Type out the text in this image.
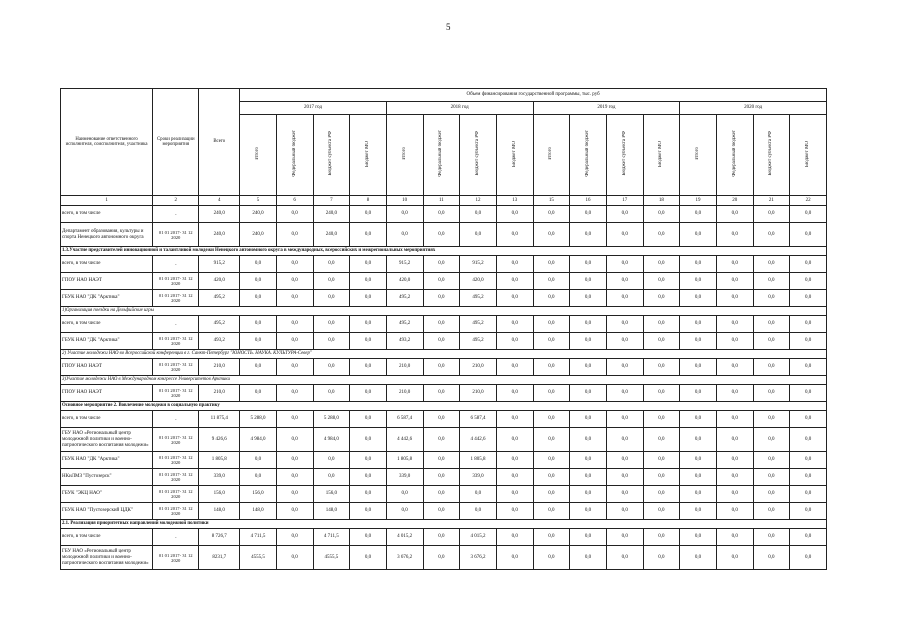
5
Наименование ответственного исполнителя, соисполнителя, участника	Сроки реализации мероприятия	Всего	Объем финансирования государственной программы, тыс. руб															
			2017 год				2018 год				2019 год				2020 год			
			Итого	Федеральный бюджет	Бюджет субъекта РФ	Бюджет МО	Итого	Федеральный бюджет	Бюджет субъекта РФ	Бюджет МО	Итого	Федеральный бюджет	Бюджет субъекта РФ	Бюджет МО	Итого	Федеральный бюджет	Бюджет субъекта РФ	Бюджет МО
1	2	4	5	6	7	8	10	11	12	13	15	16	17	18	19	20	21	22
всего, в том числе	-	240,0	240,0	0,0	240,0	0,0	0,0	0,0	0,0	0,0	0,0	0,0	0,0	0,0	0,0	0,0	0,0	0,0
Департамент образования, культуры и спорта Ненецкого автономного округа	01 01 2017- 31 12 2020	240,0	240,0	0,0	240,0	0,0	0,0	0,0	0,0	0,0	0,0	0,0	0,0	0,0	0,0	0,0	0,0	0,0
1.3.Участие представителей инновационной и талантливой молодежи Ненецкого автономного округа в международных, всероссийских и межрегиональных мероприятиях																		
всего, в том числе	-	915,2	0,0	0,0	0,0	0,0	915,2	0,0	915,2	0,0	0,0	0,0	0,0	0,0	0,0	0,0	0,0	0,0
ГПОУ НАО НАЭТ	01 01 2017- 31 12 2020	420,0	0,0	0,0	0,0	0,0	420,0	0,0	420,0	0,0	0,0	0,0	0,0	0,0	0,0	0,0	0,0	0,0
ГБУК НАО "ДК "Арктика"	01 01 2017- 31 12 2020	495,2	0,0	0,0	0,0	0,0	495,2	0,0	495,2	0,0	0,0	0,0	0,0	0,0	0,0	0,0	0,0	0,0
1)Организация поездки на Дельфийские игры																		
всего, в том числе	-	495,2	0,0	0,0	0,0	0,0	495,2	0,0	495,2	0,0	0,0	0,0	0,0	0,0	0,0	0,0	0,0	0,0
ГБУК НАО "ДК "Арктика"	01 01 2017- 31 12 2020	493,2	0,0	0,0	0,0	0,0	493,2	0,0	495,2	0,0	0,0	0,0	0,0	0,0	0,0	0,0	0,0	0,0
2) Участие молодежи НАО во Всероссийской конференции в г. Санкт-Петербург "ЮНОСТЬ. НАУКА. КУЛЬТУРА-Север"																		
ГПОУ НАО НАЭТ	01 01 2017- 31 12 2020	210,0	0,0	0,0	0,0	0,0	210,0	0,0	210,0	0,0	0,0	0,0	0,0	0,0	0,0	0,0	0,0	0,0
3)Участие молодежи НАО в Международном конгрессе Университетов Арктики																		
ГПОУ НАО НАЭТ	01 01 2017- 31 12 2020	210,0	0,0	0,0	0,0	0,0	210,0	0,0	210,0	0,0	0,0	0,0	0,0	0,0	0,0	0,0	0,0	0,0
Основное мероприятие 2. Вовлечение молодежи в социальную практику																		
всего, в том числе	-	11 875,4	5 288,0	0,0	5 288,0	0,0	6 587,4	0,0	6 587,4	0,0	0,0	0,0	0,0	0,0	0,0	0,0	0,0	0,0
ГБУ НАО «Региональный центр молодежной политики и военно-патриотического воспитания молодежи»	01 01 2017- 31 12 2020	9 426,6	4 984,0	0,0	4 984,0	0,0	4 442,6	0,0	4 442,6	0,0	0,0	0,0	0,0	0,0	0,0	0,0	0,0	0,0
ГБУК НАО "ДК "Арктика"	01 01 2017- 31 12 2020	1 805,8	0,0	0,0	0,0	0,0	1 805,8	0,0	1 805,8	0,0	0,0	0,0	0,0	0,0	0,0	0,0	0,0	0,0
НКиЛМЗ "Пустозерск"	01 01 2017- 31 12 2020	339,0	0,0	0,0	0,0	0,0	339,0	0,0	339,0	0,0	0,0	0,0	0,0	0,0	0,0	0,0	0,0	0,0
ГБУК "ЭКЦ НАО"	01 01 2017- 31 12 2020	156,0	156,0	0,0	156,0	0,0	0,0	0,0	0,0	0,0	0,0	0,0	0,0	0,0	0,0	0,0	0,0	0,0
ГБУК НАО "Пустозерский ЦДК"	01 01 2017- 31 12 2020	148,0	148,0	0,0	148,0	0,0	0,0	0,0	0,0	0,0	0,0	0,0	0,0	0,0	0,0	0,0	0,0	0,0
2.1. Реализация приоритетных направлений молодежной политики																		
всего, в том числе	-	8 726,7	4 711,5	0,0	4 711,5	0,0	4 015,2	0,0	4 015,2	0,0	0,0	0,0	0,0	0,0	0,0	0,0	0,0	0,0
ГБУ НАО «Региональный центр молодежной политики и военно-патриотического воспитания молодежи»	01 01 2017- 31 12 2020	8231,7	4555,5	0,0	4555,5	0,0	3 676,2	0,0	3 676,2	0,0	0,0	0,0	0,0	0,0	0,0	0,0	0,0	0,0
